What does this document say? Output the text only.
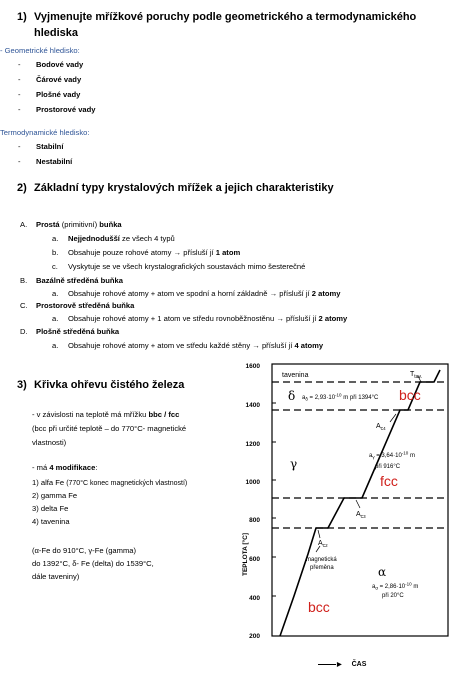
1) Vyjmenujte mřížkové poruchy podle geometrického a termodynamického
hlediska
- Geometrické hledisko:
- Bodové vady
- Čárové vady
- Plošné vady
- Prostorové vady
Termodynamické hledisko:
- Stabilní
- Nestabilní
2) Základní typy krystalových mřížek a jejich charakteristiky
A. Prostá (primitivní) buňka
a. Nejjednodušší ze všech 4 typů
b. Obsahuje pouze rohové atomy → přísluší jí 1 atom
c. Vyskytuje se ve všech krystalografických soustavách mimo šesterečné
B. Bazálně středěná buňka
a. Obsahuje rohové atomy + atom ve spodní a horní základně → přísluší jí 2 atomy
C. Prostorově středěná buňka
a. Obsahuje rohové atomy + 1 atom ve středu rovnoběžnostěnu → přísluší jí 2 atomy
D. Plošně středěná buňka
a. Obsahuje rohové atomy + atom ve středu každé stěny → přísluší jí 4 atomy
3) Křivka ohřevu čistého železa
- v závislosti na teplotě má mřížku bbc / fcc
(bcc při určité teplotě – do 770°C- magnetické
vlastnosti)
- má 4 modifikace:
1) alfa Fe (770°C konec magnetických vlastností)
2) gamma Fe
3) delta Fe
4) tavenina
(α-Fe do 910°C, γ-Fe (gamma)
do 1392°C, δ- Fe (delta) do 1539°C,
dále taveniny)
1600
1400
1200
1000
800
600
400
200
TEPLOTA [°C]
tavenina	$T_{tav.}$
δ $a_\delta = 2,93\cdot 10^{-10}$ m při 1394°C
$A_c4$
γ
$a_\gamma = 3,64\cdot 10^{-10}$ m
při 916°C
$A_c3$
$A_c2$
magnetická
přeměna	α
$a_\alpha = 2,86\cdot 10^{-10}$ m
při 20°C
bcc
fcc
bcc
▶ ČAS
